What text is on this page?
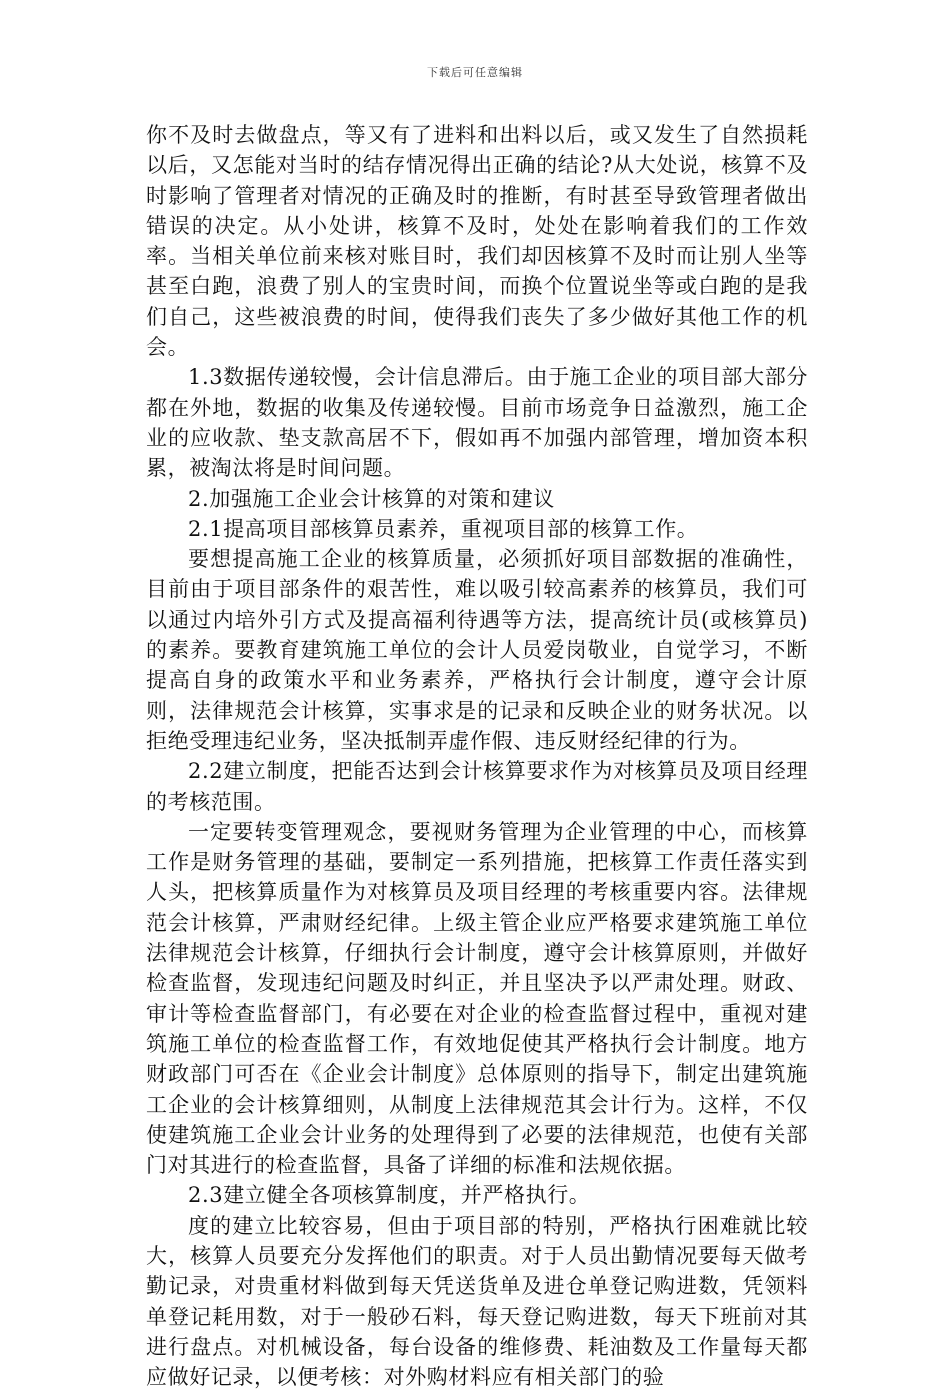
下载后可任意编辑

你不及时去做盘点，等又有了进料和出料以后，或又发生了自然损耗以后，又怎能对当时的结存情况得出正确的结论?从大处说，核算不及时影响了管理者对情况的正确及时的推断，有时甚至导致管理者做出错误的决定。从小处讲，核算不及时，处处在影响着我们的工作效率。当相关单位前来核对账目时，我们却因核算不及时而让别人坐等甚至白跑，浪费了别人的宝贵时间，而换个位置说坐等或白跑的是我们自己，这些被浪费的时间，使得我们丧失了多少做好其他工作的机会。

1.3数据传递较慢，会计信息滞后。由于施工企业的项目部大部分都在外地，数据的收集及传递较慢。目前市场竞争日益激烈，施工企业的应收款、垫支款高居不下，假如再不加强内部管理，增加资本积累，被淘汰将是时间问题。

2.加强施工企业会计核算的对策和建议

2.1提高项目部核算员素养，重视项目部的核算工作。

要想提高施工企业的核算质量，必须抓好项目部数据的准确性，目前由于项目部条件的艰苦性，难以吸引较高素养的核算员，我们可以通过内培外引方式及提高福利待遇等方法，提高统计员(或核算员)的素养。要教育建筑施工单位的会计人员爱岗敬业，自觉学习，不断提高自身的政策水平和业务素养，严格执行会计制度，遵守会计原则，法律规范会计核算，实事求是的记录和反映企业的财务状况。以拒绝受理违纪业务，坚决抵制弄虚作假、违反财经纪律的行为。

2.2建立制度，把能否达到会计核算要求作为对核算员及项目经理的考核范围。

一定要转变管理观念，要视财务管理为企业管理的中心，而核算工作是财务管理的基础，要制定一系列措施，把核算工作责任落实到人头，把核算质量作为对核算员及项目经理的考核重要内容。法律规范会计核算，严肃财经纪律。上级主管企业应严格要求建筑施工单位法律规范会计核算，仔细执行会计制度，遵守会计核算原则，并做好检查监督，发现违纪问题及时纠正，并且坚决予以严肃处理。财政、审计等检查监督部门，有必要在对企业的检查监督过程中，重视对建筑施工单位的检查监督工作，有效地促使其严格执行会计制度。地方财政部门可否在《企业会计制度》总体原则的指导下，制定出建筑施工企业的会计核算细则，从制度上法律规范其会计行为。这样，不仅使建筑施工企业会计业务的处理得到了必要的法律规范，也使有关部门对其进行的检查监督，具备了详细的标准和法规依据。

2.3建立健全各项核算制度，并严格执行。

度的建立比较容易，但由于项目部的特别，严格执行困难就比较大，核算人员要充分发挥他们的职责。对于人员出勤情况要每天做考勤记录，对贵重材料做到每天凭送货单及进仓单登记购进数，凭领料单登记耗用数，对于一般砂石料，每天登记购进数，每天下班前对其进行盘点。对机械设备，每台设备的维修费、耗油数及工作量每天都应做好记录，以便考核：对外购材料应有相关部门的验
